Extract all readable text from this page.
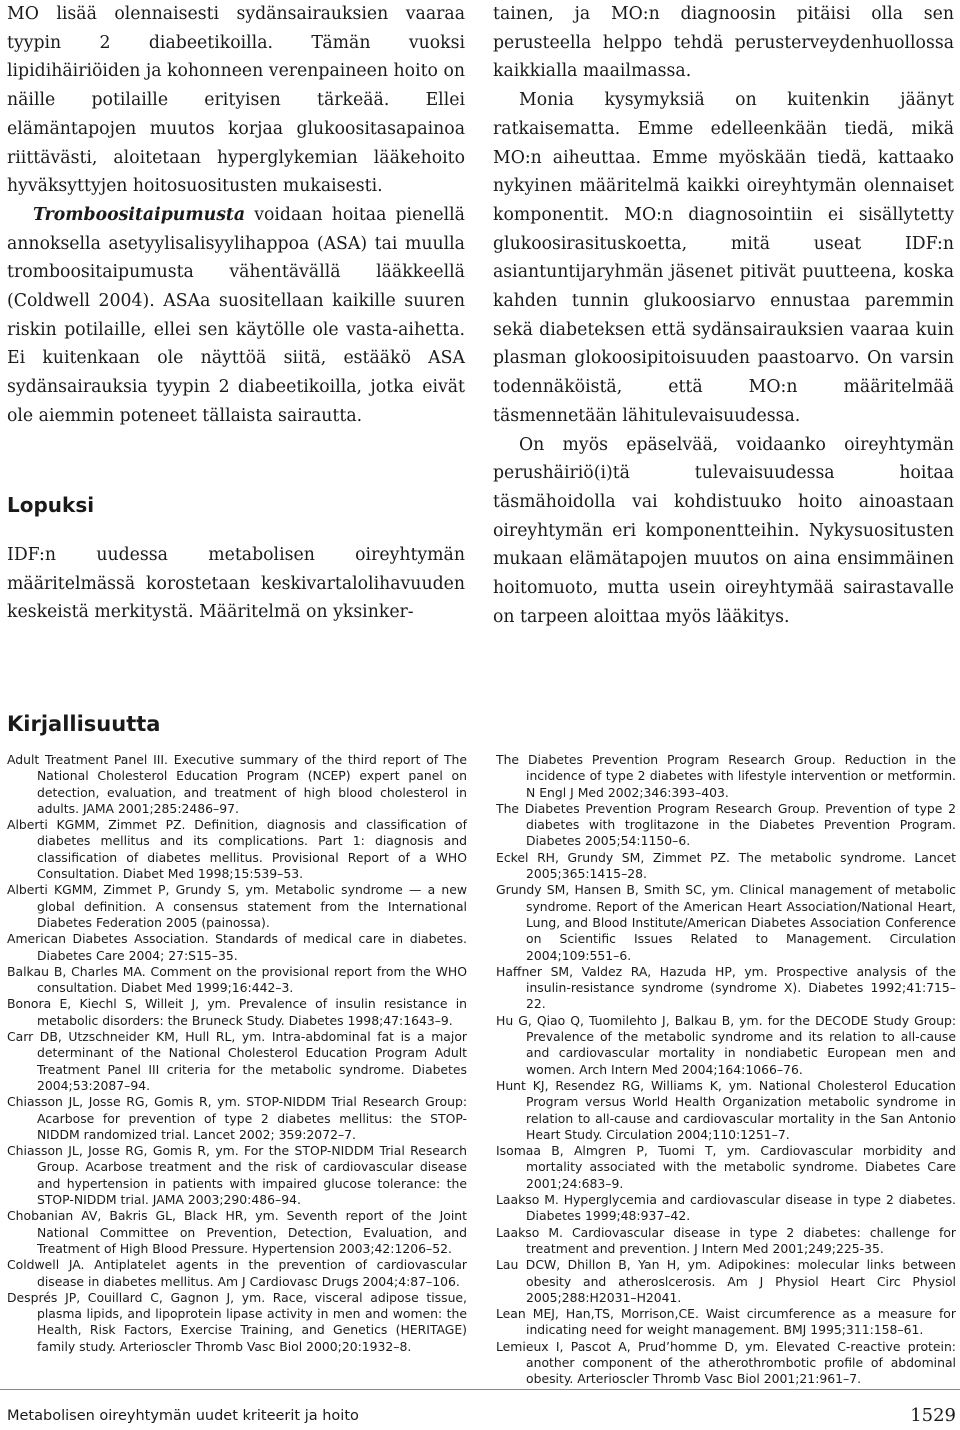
MO lisää olennaisesti sydänsairauksien vaaraa tyypin 2 diabeetikoilla. Tämän vuoksi lipidihäiriöiden ja kohonneen verenpaineen hoito on näille potilaille erityisen tärkeää. Ellei elämäntapojen muutos korjaa glukoositasapainoa riittävästi, aloitetaan hyperglykemian lääkehoito hyväksyttyjen hoitosuositusten mukaisesti.

Tromboositaipumusta voidaan hoitaa pienellä annoksella asetyylisalisyylihappoa (ASA) tai muulla tromboositaipumusta vähentävällä lääkkeellä (Coldwell 2004). ASAa suositellaan kaikille suuren riskin potilaille, ellei sen käytölle ole vasta-aihetta. Ei kuitenkaan ole näyttöä siitä, estääkö ASA sydänsairauksia tyypin 2 diabeetikoilla, jotka eivät ole aiemmin poteneet tällaista sairautta.

Lopuksi

IDF:n uudessa metabolisen oireyhtymän määritelmässä korostetaan keskivartalolihavuuden keskeistä merkitystä. Määritelmä on yksinker-

tainen, ja MO:n diagnoosin pitäisi olla sen perusteella helppo tehdä perusterveydenhuollossa kaikkialla maailmassa.

Monia kysymyksiä on kuitenkin jäänyt ratkaisematta. Emme edelleenkään tiedä, mikä MO:n aiheuttaa. Emme myöskään tiedä, kattaako nykyinen määritelmä kaikki oireyhtymän olennaiset komponentit. MO:n diagnosointiin ei sisällytetty glukoosirasituskoetta, mitä useat IDF:n asiantuntijaryhmän jäsenet pitivät puutteena, koska kahden tunnin glukoosiarvo ennustaa paremmin sekä diabeteksen että sydänsairauksien vaaraa kuin plasman glokoosipitoisuuden paastoarvo. On varsin todennäköistä, että MO:n määritelmää täsmennetään lähitulevaisuudessa.

On myös epäselvää, voidaanko oireyhtymän perushäiriö(i)tä tulevaisuudessa hoitaa täsmähoidolla vai kohdistuuko hoito ainoastaan oireyhtymän eri komponentteihin. Nykysuositusten mukaan elämätapojen muutos on aina ensimmäinen hoitomuoto, mutta usein oireyhtymää sairastavalle on tarpeen aloittaa myös lääkitys.

Kirjallisuutta
Adult Treatment Panel III. Executive summary of the third report of The National Cholesterol Education Program (NCEP) expert panel on detection, evaluation, and treatment of high blood cholesterol in adults. JAMA 2001;285:2486–97.
Alberti KGMM, Zimmet PZ. Definition, diagnosis and classification of diabetes mellitus and its complications. Part 1: diagnosis and classification of diabetes mellitus. Provisional Report of a WHO Consultation. Diabet Med 1998;15:539–53.
Alberti KGMM, Zimmet P, Grundy S, ym. Metabolic syndrome — a new global definition. A consensus statement from the International Diabetes Federation 2005 (painossa).
American Diabetes Association. Standards of medical care in diabetes. Diabetes Care 2004; 27:S15–35.
Balkau B, Charles MA. Comment on the provisional report from the WHO consultation. Diabet Med 1999;16:442–3.
Bonora E, Kiechl S, Willeit J, ym. Prevalence of insulin resistance in metabolic disorders: the Bruneck Study. Diabetes 1998;47:1643–9.
Carr DB, Utzschneider KM, Hull RL, ym. Intra-abdominal fat is a major determinant of the National Cholesterol Education Program Adult Treatment Panel III criteria for the metabolic syndrome. Diabetes 2004;53:2087–94.
Chiasson JL, Josse RG, Gomis R, ym. STOP-NIDDM Trial Research Group: Acarbose for prevention of type 2 diabetes mellitus: the STOP-NIDDM randomized trial. Lancet 2002; 359:2072–7.
Chiasson JL, Josse RG, Gomis R, ym. For the STOP-NIDDM Trial Research Group. Acarbose treatment and the risk of cardiovascular disease and hypertension in patients with impaired glucose tolerance: the STOP-NIDDM trial. JAMA 2003;290:486–94.
Chobanian AV, Bakris GL, Black HR, ym. Seventh report of the Joint National Committee on Prevention, Detection, Evaluation, and Treatment of High Blood Pressure. Hypertension 2003;42:1206–52.
Coldwell JA. Antiplatelet agents in the prevention of cardiovascular disease in diabetes mellitus. Am J Cardiovasc Drugs 2004;4:87–106.
Després JP, Couillard C, Gagnon J, ym. Race, visceral adipose tissue, plasma lipids, and lipoprotein lipase activity in men and women: the Health, Risk Factors, Exercise Training, and Genetics (HERITAGE) family study. Arterioscler Thromb Vasc Biol 2000;20:1932–8.
The Diabetes Prevention Program Research Group. Reduction in the incidence of type 2 diabetes with lifestyle intervention or metformin. N Engl J Med 2002;346:393–403.
The Diabetes Prevention Program Research Group. Prevention of type 2 diabetes with troglitazone in the Diabetes Prevention Program. Diabetes 2005;54:1150–6.
Eckel RH, Grundy SM, Zimmet PZ. The metabolic syndrome. Lancet 2005;365:1415–28.
Grundy SM, Hansen B, Smith SC, ym. Clinical management of metabolic syndrome. Report of the American Heart Association/National Heart, Lung, and Blood Institute/American Diabetes Association Conference on Scientific Issues Related to Management. Circulation 2004;109:551–6.
Haffner SM, Valdez RA, Hazuda HP, ym. Prospective analysis of the insulin-resistance syndrome (syndrome X). Diabetes 1992;41:715–22.
Hu G, Qiao Q, Tuomilehto J, Balkau B, ym. for the DECODE Study Group: Prevalence of the metabolic syndrome and its relation to all-cause and cardiovascular mortality in nondiabetic European men and women. Arch Intern Med 2004;164:1066–76.
Hunt KJ, Resendez RG, Williams K, ym. National Cholesterol Education Program versus World Health Organization metabolic syndrome in relation to all-cause and cardiovascular mortality in the San Antonio Heart Study. Circulation 2004;110:1251–7.
Isomaa B, Almgren P, Tuomi T, ym. Cardiovascular morbidity and mortality associated with the metabolic syndrome. Diabetes Care 2001;24:683–9.
Laakso M. Hyperglycemia and cardiovascular disease in type 2 diabetes. Diabetes 1999;48:937–42.
Laakso M. Cardiovascular disease in type 2 diabetes: challenge for treatment and prevention. J Intern Med 2001;249;225-35.
Lau DCW, Dhillon B, Yan H, ym. Adipokines: molecular links between obesity and atheroslcerosis. Am J Physiol Heart Circ Physiol 2005;288:H2031–H2041.
Lean MEJ, Han,TS, Morrison,CE. Waist circumference as a measure for indicating need for weight management. BMJ 1995;311:158–61.
Lemieux I, Pascot A, Prud’homme D, ym. Elevated C-reactive protein: another component of the atherothrombotic profile of abdominal obesity. Arterioscler Thromb Vasc Biol 2001;21:961–7.
Metabolisen oireyhtymän uudet kriteerit ja hoito	1529
